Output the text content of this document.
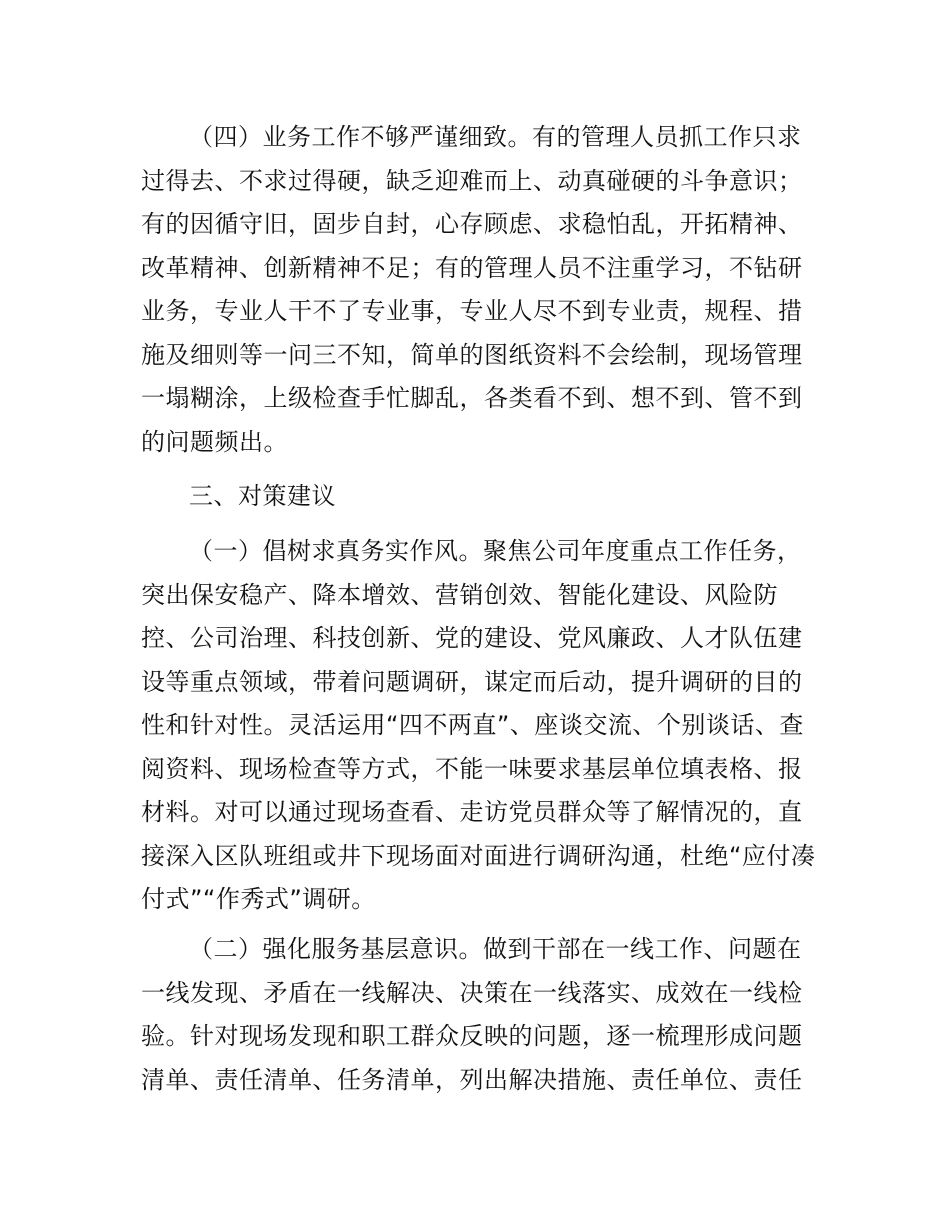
（四）业务工作不够严谨细致。有的管理人员抓工作只求过得去、不求过得硬，缺乏迎难而上、动真碰硬的斗争意识；有的因循守旧，固步自封，心存顾虑、求稳怕乱，开拓精神、改革精神、创新精神不足；有的管理人员不注重学习，不钻研业务，专业人干不了专业事，专业人尽不到专业责，规程、措施及细则等一问三不知，简单的图纸资料不会绘制，现场管理一塌糊涂，上级检查手忙脚乱，各类看不到、想不到、管不到的问题频出。

三、对策建议

（一）倡树求真务实作风。聚焦公司年度重点工作任务，突出保安稳产、降本增效、营销创效、智能化建设、风险防控、公司治理、科技创新、党的建设、党风廉政、人才队伍建设等重点领域，带着问题调研，谋定而后动，提升调研的目的性和针对性。灵活运用“四不两直”、座谈交流、个别谈话、查阅资料、现场检查等方式，不能一味要求基层单位填表格、报材料。对可以通过现场查看、走访党员群众等了解情况的，直接深入区队班组或井下现场面对面进行调研沟通，杜绝“应付凑付式”“作秀式”调研。

（二）强化服务基层意识。做到干部在一线工作、问题在一线发现、矛盾在一线解决、决策在一线落实、成效在一线检验。针对现场发现和职工群众反映的问题，逐一梳理形成问题清单、责任清单、任务清单，列出解决措施、责任单位、责任
